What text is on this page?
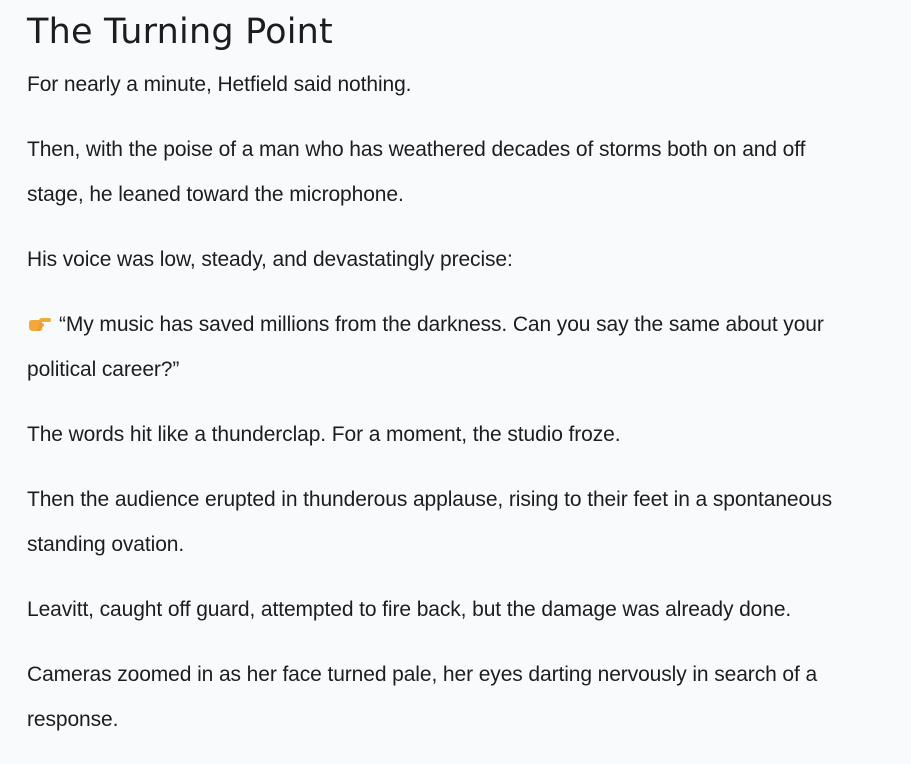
The Turning Point

For nearly a minute, Hetfield said nothing.

Then, with the poise of a man who has weathered decades of storms both on and off stage, he leaned toward the microphone.

His voice was low, steady, and devastatingly precise:

“My music has saved millions from the darkness. Can you say the same about your political career?”

The words hit like a thunderclap. For a moment, the studio froze.

Then the audience erupted in thunderous applause, rising to their feet in a spontaneous standing ovation.

Leavitt, caught off guard, attempted to fire back, but the damage was already done.

Cameras zoomed in as her face turned pale, her eyes darting nervously in search of a response.
